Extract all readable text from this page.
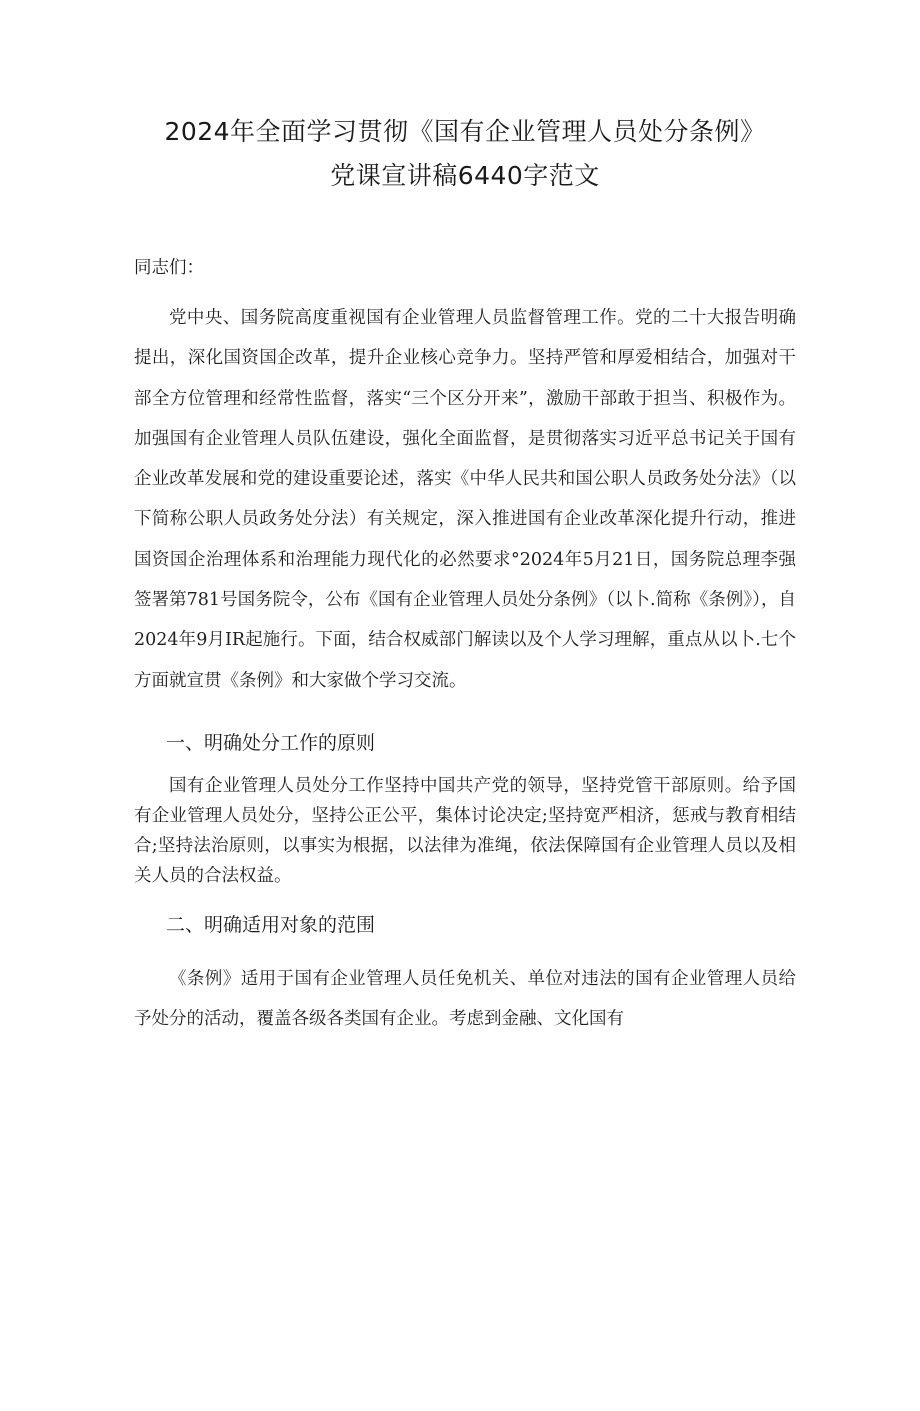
2024年全面学习贯彻《国有企业管理人员处分条例》
党课宣讲稿6440字范文

同志们：

党中央、国务院高度重视国有企业管理人员监督管理工作。党的二十大报告明确提出，深化国资国企改革，提升企业核心竞争力。坚持严管和厚爱相结合，加强对干部全方位管理和经常性监督，落实“三个区分开来”，激励干部敢于担当、积极作为。加强国有企业管理人员队伍建设，强化全面监督，是贯彻落实习近平总书记关于国有企业改革发展和党的建设重要论述，落实《中华人民共和国公职人员政务处分法》（以下简称公职人员政务处分法）有关规定，深入推进国有企业改革深化提升行动，推进国资国企治理体系和治理能力现代化的必然要求°2024年5月21日，国务院总理李强签署第781号国务院令，公布《国有企业管理人员处分条例》（以卜.简称《条例》），自2024年9月IR起施行。下面，结合权威部门解读以及个人学习理解，重点从以卜.七个方面就宣贯《条例》和大家做个学习交流。

一、明确处分工作的原则

国有企业管理人员处分工作坚持中国共产党的领导，坚持党管干部原则。给予国有企业管理人员处分，坚持公正公平，集体讨论决定;坚持宽严相济，惩戒与教育相结合;坚持法治原则，以事实为根据，以法律为准绳，依法保障国有企业管理人员以及相关人员的合法权益。

二、明确适用对象的范围

《条例》适用于国有企业管理人员任免机关、单位对违法的国有企业管理人员给予处分的活动，覆盖各级各类国有企业。考虑到金融、文化国有
